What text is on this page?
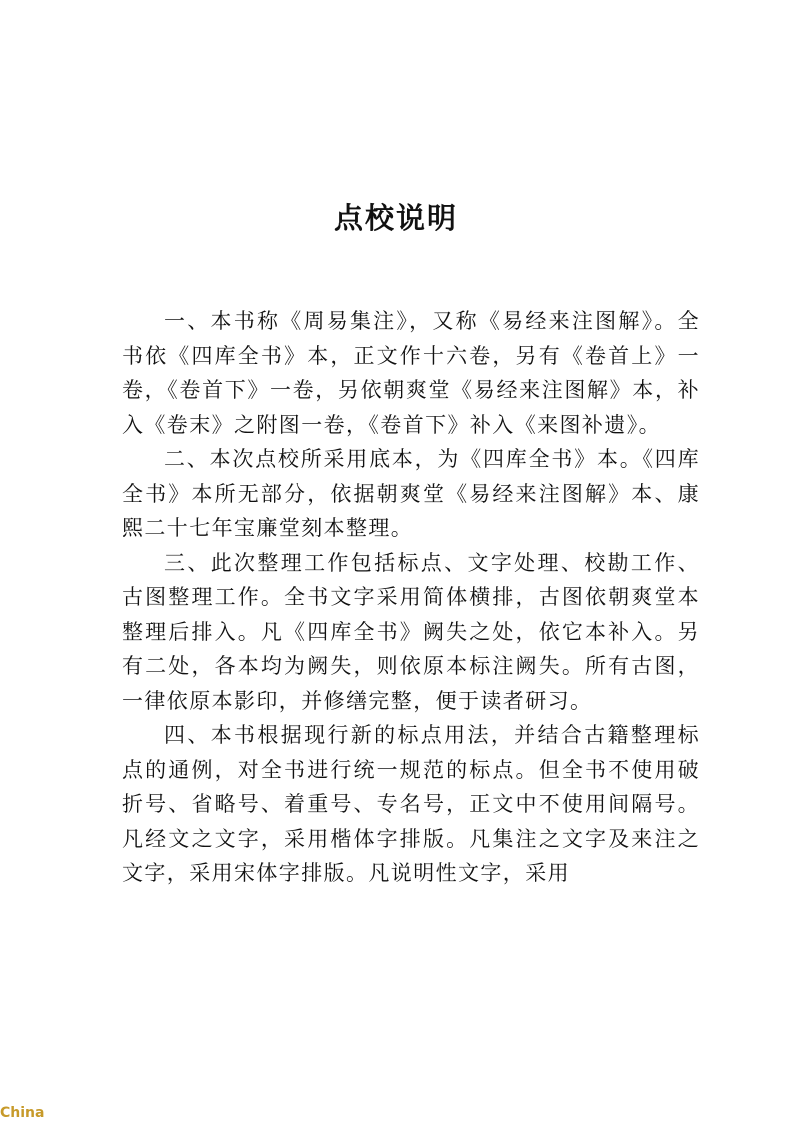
点校说明

一、本书称《周易集注》，又称《易经来注图解》。全书依《四库全书》本，正文作十六卷，另有《卷首上》一卷，《卷首下》一卷，另依朝爽堂《易经来注图解》本，补入《卷末》之附图一卷，《卷首下》补入《来图补遗》。

二、本次点校所采用底本，为《四库全书》本。《四库全书》本所无部分，依据朝爽堂《易经来注图解》本、康熙二十七年宝廉堂刻本整理。

三、此次整理工作包括标点、文字处理、校勘工作、古图整理工作。全书文字采用简体横排，古图依朝爽堂本整理后排入。凡《四库全书》阙失之处，依它本补入。另有二处，各本均为阙失，则依原本标注阙失。所有古图，一律依原本影印，并修缮完整，便于读者研习。

四、本书根据现行新的标点用法，并结合古籍整理标点的通例，对全书进行统一规范的标点。但全书不使用破折号、省略号、着重号、专名号，正文中不使用间隔号。凡经文之文字，采用楷体字排版。凡集注之文字及来注之文字，采用宋体字排版。凡说明性文字，采用

China
